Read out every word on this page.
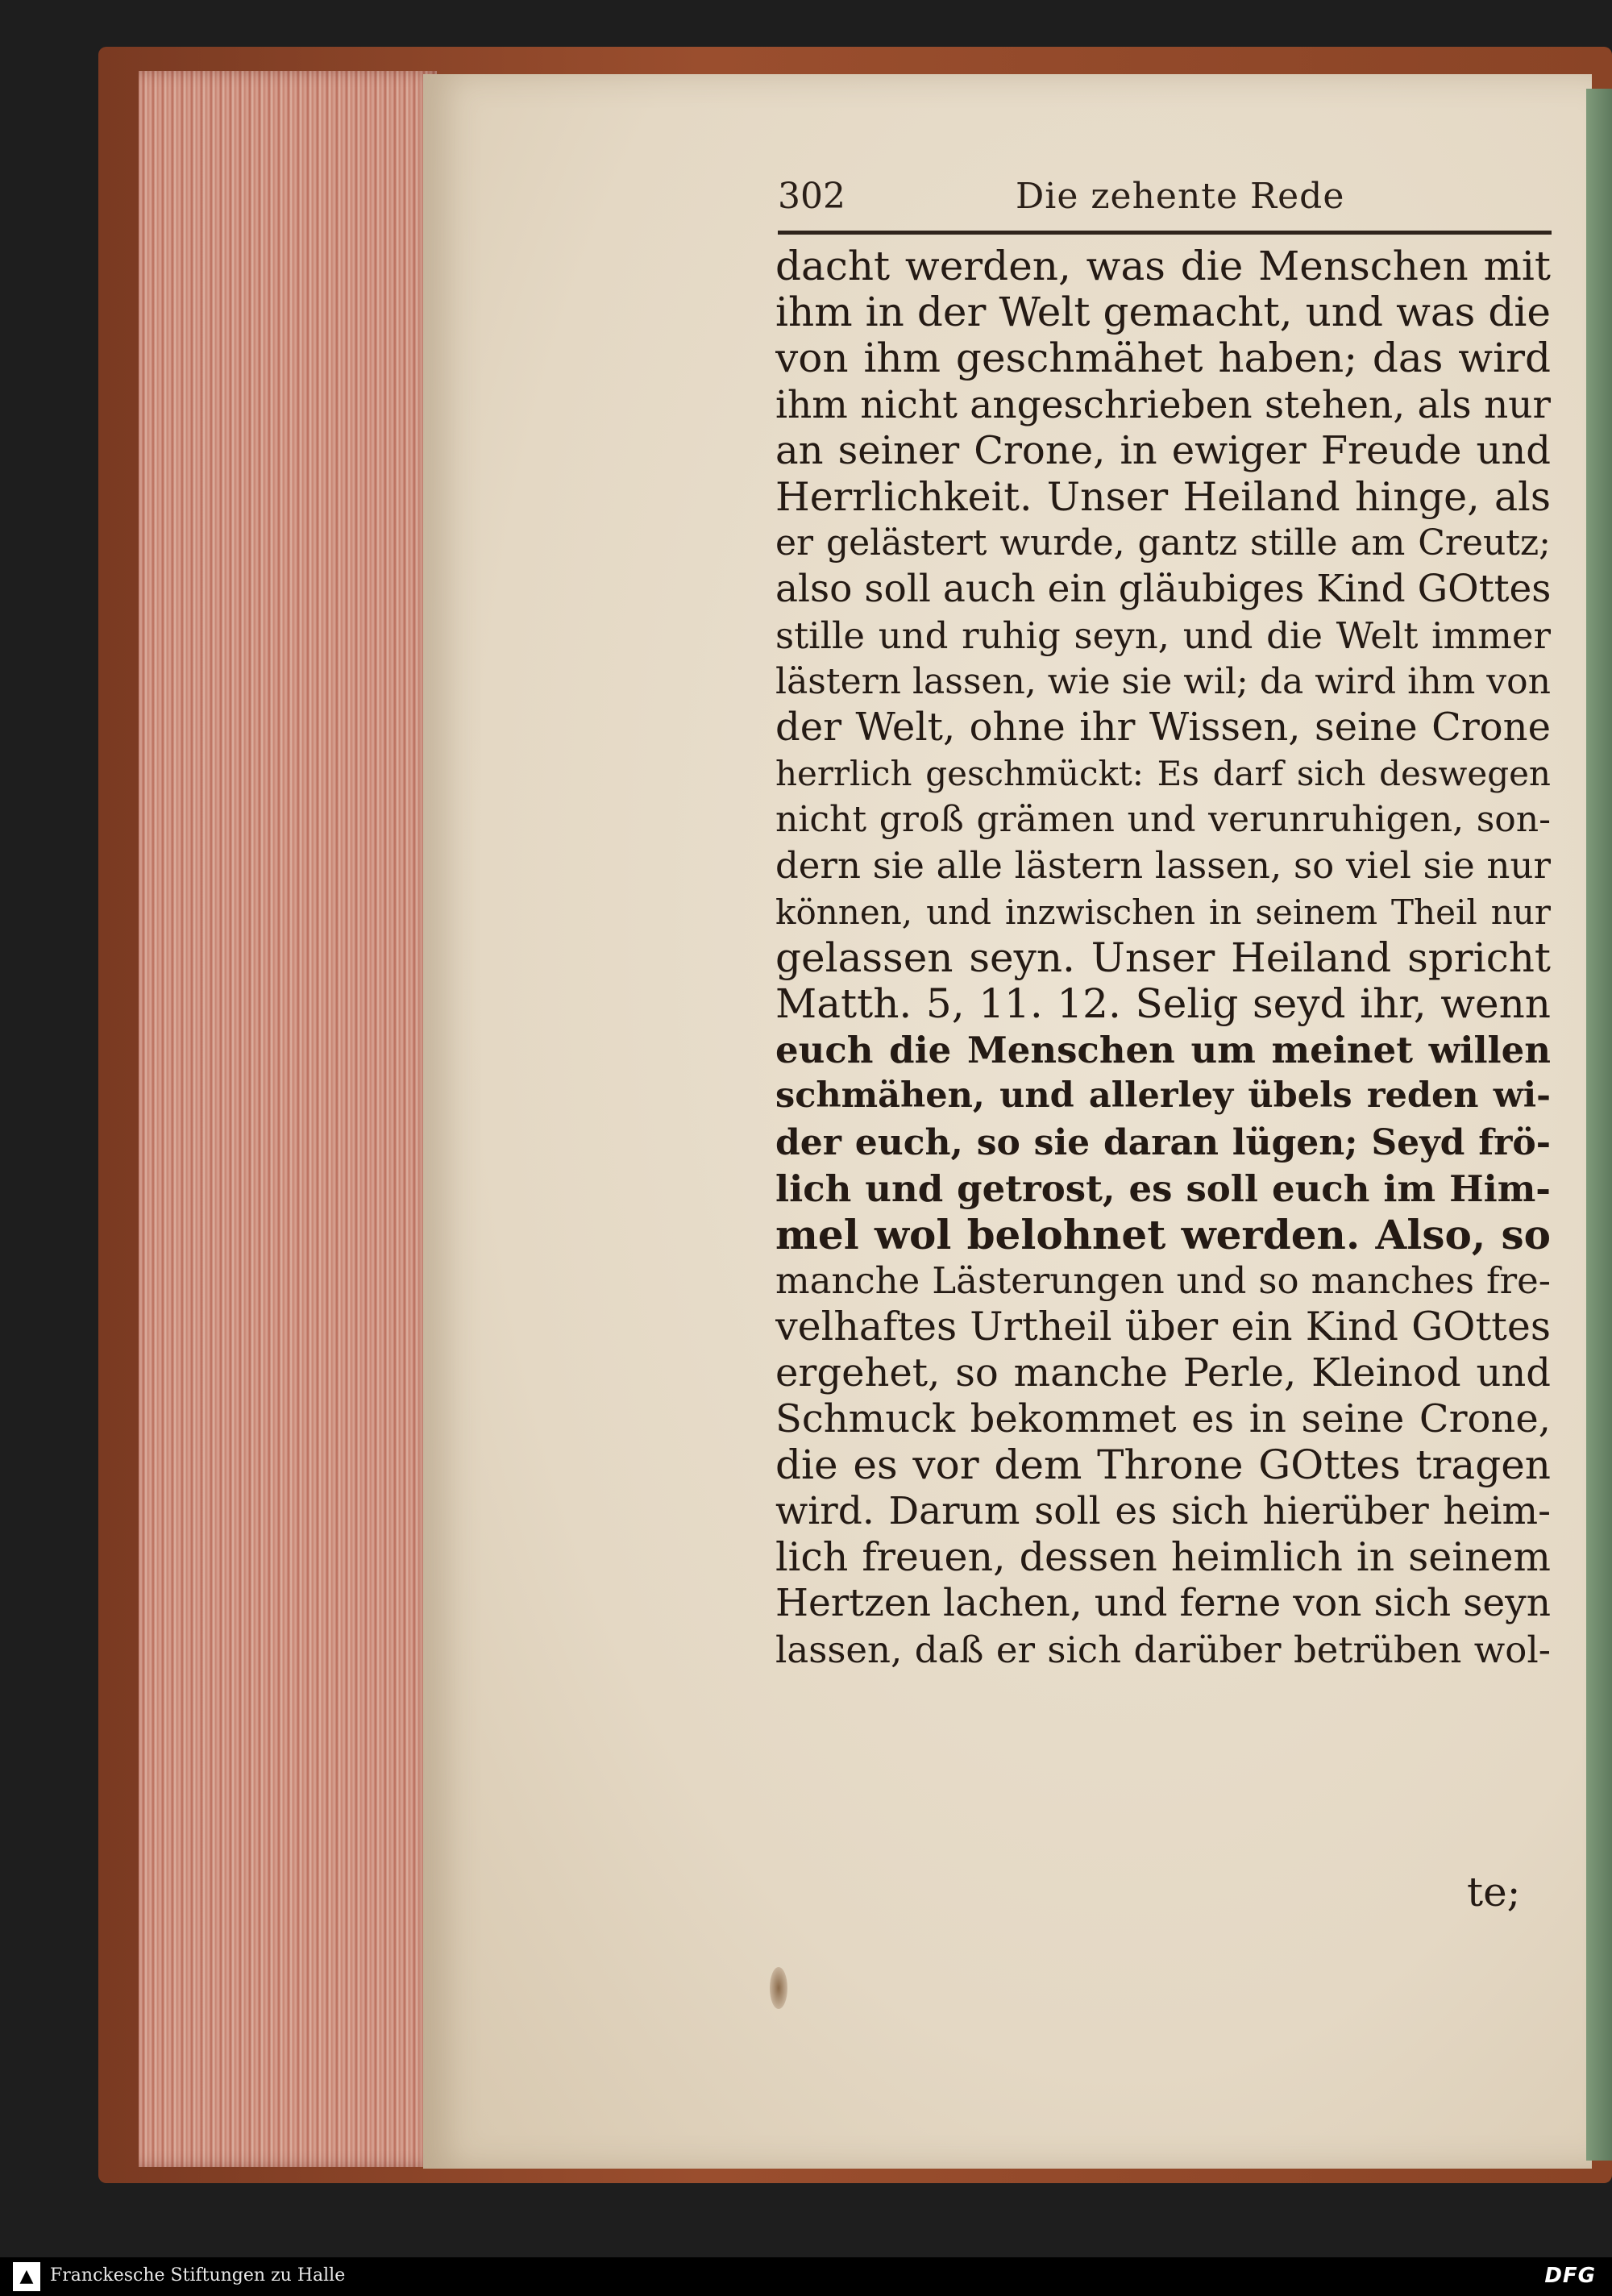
302	Die zehente Rede
dacht werden, was die Menschen mit
ihm in der Welt gemacht, und was die
von ihm geschmähet haben; das wird
ihm nicht angeschrieben stehen, als nur
an seiner Crone, in ewiger Freude und
Herrlichkeit. Unser Heiland hinge, als
er gelästert wurde, gantz stille am Creutz;
also soll auch ein gläubiges Kind GOttes
stille und ruhig seyn, und die Welt immer
lästern lassen, wie sie wil; da wird ihm von
der Welt, ohne ihr Wissen, seine Crone
herrlich geschmückt: Es darf sich deswegen
nicht groß grämen und verunruhigen, son-
dern sie alle lästern lassen, so viel sie nur
können, und inzwischen in seinem Theil nur
gelassen seyn. Unser Heiland spricht
Matth. 5, 11. 12. Selig seyd ihr, wenn
euch die Menschen um meinet willen
schmähen, und allerley übels reden wi-
der euch, so sie daran lügen; Seyd frö-
lich und getrost, es soll euch im Him-
mel wol belohnet werden. Also, so
manche Lästerungen und so manches fre-
velhaftes Urtheil über ein Kind GOttes
ergehet, so manche Perle, Kleinod und
Schmuck bekommet es in seine Crone,
die es vor dem Throne GOttes tragen
wird. Darum soll es sich hierüber heim-
lich freuen, dessen heimlich in seinem
Hertzen lachen, und ferne von sich seyn
lassen, daß er sich darüber betrüben wol-
te;
▲ Franckesche Stiftungen zu Halle	DFG
